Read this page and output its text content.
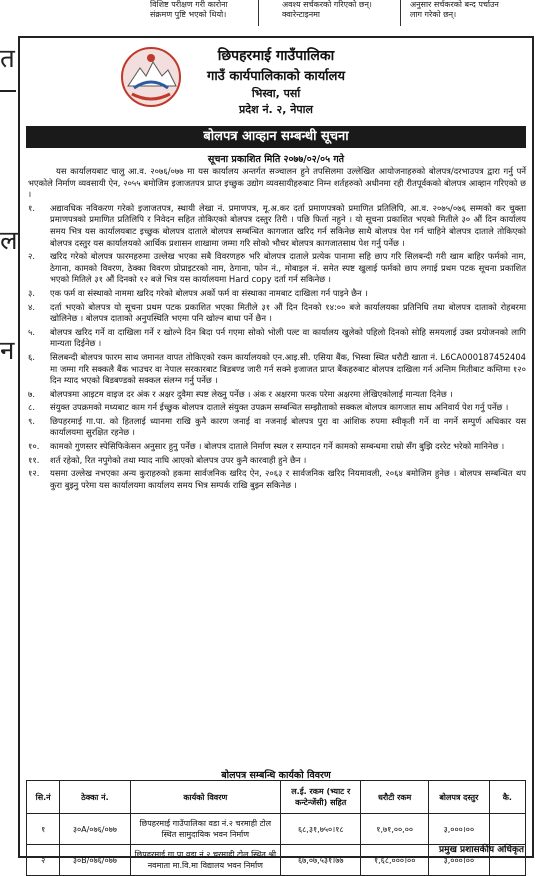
विशिष्ट परीक्षण गरी कारोना
संक्रमण पुष्टि भएको थियो।
अवश्य सर्चकरको गरिएको छन्।
क्वारेन्टाइनमा
अनुसार सर्चकरको बन्द पर्चाउन
लाग गरेको छन्।
त
ल
न
छिपहरमाई गाउँपालिका
गाउँ कार्यपालिकाको कार्यालय
भिस्वा, पर्सा
प्रदेश नं. २, नेपाल
बोलपत्र आव्हान सम्बन्धी सूचना
सूचना प्रकाशित मिति २०७७/०२/०५ गते

यस कार्यालयबाट चालु आ.व. २०७६/०७७ मा यस कार्यालय अन्तर्गत सञ्चालन हुने तपसिलमा उल्लेखित आयोजनाहरुको बोलपत्र/दरभाउपत्र द्वारा गर्नु पर्ने भएकोले निर्माण व्यवसायी ऐन, २०५५ बमोजिम इजाजतपत्र प्राप्त इच्छुक उद्योग व्यवसायीहरुबाट निम्न शर्तहरुको अधीनमा रही रीतपूर्वकको बोलपत्र आव्हान गरिएको छ ।

१.	अद्यावधिक नविकरण गरेको इजाजतपत्र, स्थायी लेखा नं. प्रमाणपत्र, मू.अ.कर दर्ता प्रमाणपत्रको प्रमाणित प्रतिलिपि, आ.व. २०७५/०७६ सम्मको कर चुक्ता प्रमाणपत्रको प्रमाणित प्रतिलिपि र निवेदन सहित तोकिएको बोलपत्र दस्तुर तिरी । पछि फिर्ता नहुने । यो सूचना प्रकाशित भएको मितीले ३० औं दिन कार्यालय समय भित्र यस कार्यालयबाट इच्छुक बोलपत्र दाताले बोलपत्र सम्बन्धित कागजात खरिद गर्न सकिनेछ साथै बोलपत्र पेश गर्न चाहिने बोलपत्र दाताले तोकिएको बोलपत्र दस्तुर यस कार्यालयको आर्थिक प्रशासन शाखामा जम्मा गरि सोको भौचर बोलपत्र कागजातसाथ पेश गर्नु पर्नेछ ।

२.	खरिद गरेको बोलपत्र फारमहरुमा उल्लेख भएका सबै विवरणहरु भरि बोलपत्र दाताले प्रत्येक पानामा सहि छाप गरि सिलबन्दी गरी खाम बाहिर फर्मको नाम, ठेगाना, कामको विवरण, ठेक्का विवरण प्रोप्राइटरको नाम, ठेगाना, फोन नं., मोबाइल नं. समेत स्पष्ट खुलाई फर्मको छाप लगाई प्रथम पटक सूचना प्रकाशित भएको मितिले ३१ औं दिनको १२ बजे भित्र यस कार्यालयमा Hard copy दर्ता गर्न सकिनेछ ।

३.	एक फर्म वा संस्थाको नाममा खरिद गरेको बोलपत्र अर्को फर्म वा संस्थाका नामबाट दाखिला गर्न पाइने छैन ।

४.	दर्ता भएको बोलपत्र यो सूचना प्रथम पटक प्रकाशित भएका मितीले ३१ औं दिन दिनको १४:०० बजे कार्यालयका प्रतिनिधि तथा बोलपत्र दाताको रोहबरमा खोलिनेछ । बोलपत्र दाताको अनुपस्थिति भएमा पनि खोल्न बाधा पर्ने छैन ।

५.	बोलपत्र खरिद गर्ने वा दाखिला गर्ने र खोल्ने दिन बिदा पर्न गएमा सोको भोली पल्ट वा कार्यालय खुलेको पहिलो दिनको सोहि समयलाई उक्त प्रयोजनको लागि मान्यता दिईनेछ ।

६.	सिलबन्दी बोलपत्र फारम साथ जमानत वापत तोकिएको रकम कार्यालयको एन.आइ.सी. एसिया बैंक, भिस्वा स्थित धरौटी खाता नं. L6CA000187452404 मा जम्मा गरि सक्कलै बैंक भाउचर वा नेपाल सरकारबाट बिडबण्ड जारी गर्न सक्ने इजाजत प्राप्त बैंकहरुबाट बोलपत्र दाखिला गर्न अन्तिम मितीबाट कम्तिमा १२० दिन म्याद भएको बिडबण्डको सक्कल संलग्न गर्नु पर्नेछ ।

७.	बोलपत्रमा आइटम वाइज दर अंक र अक्षर दुवैमा स्पष्ट लेख्नु पर्नेछ । अंक र अक्षरमा फरक परेमा अक्षरमा लेखिएकोलाई मान्यता दिनेछ ।

८.	संयुक्त उपक्रमको मध्यबाट काम गर्न ईच्छुक बोलपत्र दाताले संयुक्त उपक्रम सम्बन्धित सम्झौताको सक्कल बोलपत्र कागजात साथ अनिवार्य पेश गर्नु पर्नेछ ।

९.	छिपहरमाई गा.पा. को हितलाई ध्यानमा राखि कुनै कारण जनाई वा नजनाई बोलपत्र पुरा वा आंशिक रुपमा स्वीकृती गर्ने वा नगर्ने सम्पुर्ण अधिकार यस कार्यालयमा सुरक्षित रहनेछ ।

१०.	कामको गुणस्तर स्पेसिफिकेसन अनुसार हुनु पर्नेछ । बोलपत्र दाताले निर्माण स्थल र सम्पादन गर्ने कामको सम्बन्धमा राम्रो सँग बुझि दररेट भरेको मानिनेछ ।

११.	शर्त रहेको, रित नपुगेको तथा म्याद नाघि आएको बोलपत्र उपर कुनै कारवाही हुने छैन ।

१२.	यसमा उल्लेख नभएका अन्य कुराहरुको हकमा सार्वजनिक खरिद ऐन, २०६३ र सार्वजनिक खरिद नियमावली, २०६४ बमोजिम हुनेछ । बोलपत्र सम्बन्धित थप कुरा बुझ्नु परेमा यस कार्यालयमा कार्यालय समय भित्र सम्पर्क राखि बुझ्न सकिनेछ ।

बोलपत्र सम्बन्धि कार्यको विवरण
सि.नं	ठेक्का नं.	कार्यको विवरण	ल.ई. रकम (भ्याट र कन्टेन्जेंसी) सहित	धरौटी रकम	बोलपत्र दस्तुर	कै.
१	३०A/०७६/०७७	छिपहरमाई गाउँपालिका वडा नं.२ चरमाही टोल स्थित सामुदायिक भवन निर्माण	६८,३१,७५०।१८	१,७१,००,००	३,०००।००	
२	३०B/०७६/०७७	छिपहरमाई गा.पा.वडा नं.२ चरमाही टोल स्थित श्री नवमाता मा.वि.मा विद्यालय भवन निर्माण	६७,०७,५३१।७७	१,६८,०००।००	३,०००।००	
प्रमुख प्रशासकीय अधिकृत
